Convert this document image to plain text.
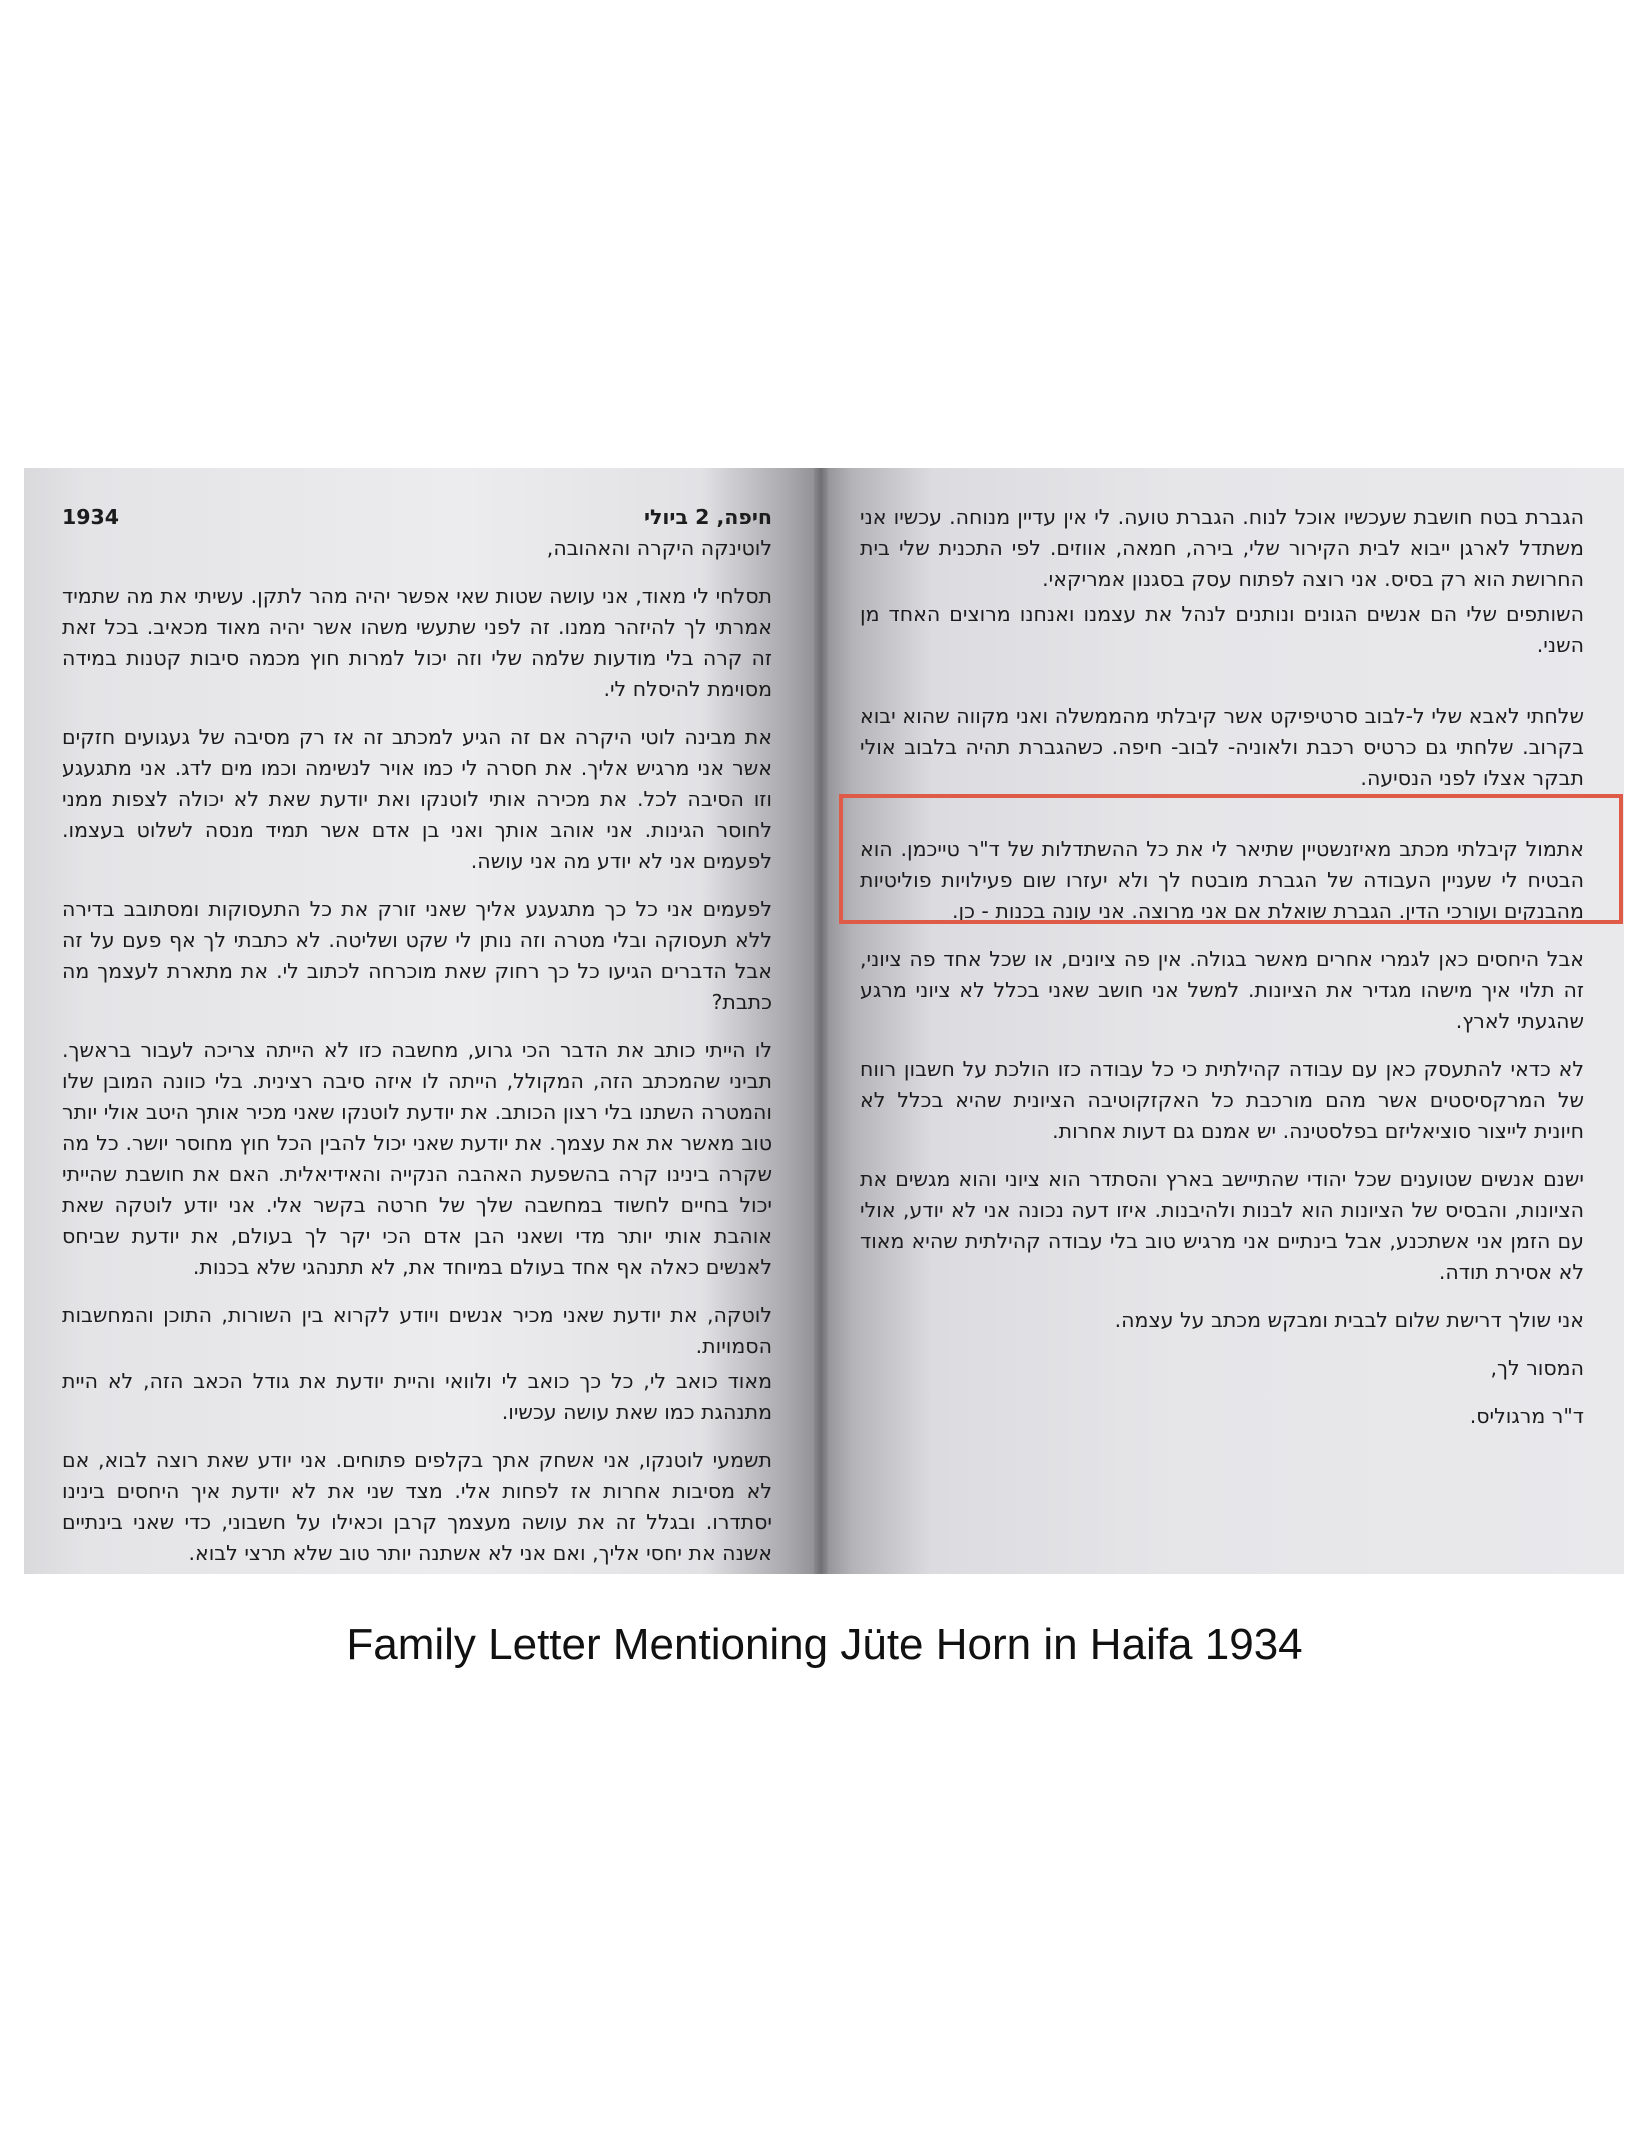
חיפה, 2 ביולי
1934

לוטינקה היקרה והאהובה,

תסלחי לי מאוד, אני עושה שטות שאי אפשר יהיה מהר לתקן. עשיתי את מה שתמיד אמרתי לך להיזהר ממנו. זה לפני שתעשי משהו אשר יהיה מאוד מכאיב. בכל זאת זה קרה בלי מודעות שלמה שלי וזה יכול למרות חוץ מכמה סיבות קטנות במידה מסוימת להיסלח לי.

את מבינה לוטי היקרה אם זה הגיע למכתב זה אז רק מסיבה של געגועים חזקים אשר אני מרגיש אליך. את חסרה לי כמו אויר לנשימה וכמו מים לדג. אני מתגעגע וזו הסיבה לכל. את מכירה אותי לוטנקו ואת יודעת שאת לא יכולה לצפות ממני לחוסר הגינות. אני אוהב אותך ואני בן אדם אשר תמיד מנסה לשלוט בעצמו. לפעמים אני לא יודע מה אני עושה.

לפעמים אני כל כך מתגעגע אליך שאני זורק את כל התעסוקות ומסתובב בדירה ללא תעסוקה ובלי מטרה וזה נותן לי שקט ושליטה. לא כתבתי לך אף פעם על זה אבל הדברים הגיעו כל כך רחוק שאת מוכרחה לכתוב לי. את מתארת לעצמך מה כתבת?

לו הייתי כותב את הדבר הכי גרוע, מחשבה כזו לא הייתה צריכה לעבור בראשך. תביני שהמכתב הזה, המקולל, הייתה לו איזה סיבה רצינית. בלי כוונה המובן שלו והמטרה השתנו בלי רצון הכותב. את יודעת לוטנקו שאני מכיר אותך היטב אולי יותר טוב מאשר את את עצמך. את יודעת שאני יכול להבין הכל חוץ מחוסר יושר. כל מה שקרה בינינו קרה בהשפעת האהבה הנקייה והאידיאלית. האם את חושבת שהייתי יכול בחיים לחשוד במחשבה שלך של חרטה בקשר אלי. אני יודע לוטקה שאת אוהבת אותי יותר מדי ושאני הבן אדם הכי יקר לך בעולם, את יודעת שביחס לאנשים כאלה אף אחד בעולם במיוחד את, לא תתנהגי שלא בכנות.

לוטקה, את יודעת שאני מכיר אנשים ויודע לקרוא בין השורות, התוכן והמחשבות הסמויות.

מאוד כואב לי, כל כך כואב לי ולוואי והיית יודעת את גודל הכאב הזה, לא היית מתנהגת כמו שאת עושה עכשיו.

תשמעי לוטנקו, אני אשחק אתך בקלפים פתוחים. אני יודע שאת רוצה לבוא, אם לא מסיבות אחרות אז לפחות אלי. מצד שני את לא יודעת איך היחסים בינינו יסתדרו. ובגלל זה את עושה מעצמך קרבן וכאילו על חשבוני, כדי שאני בינתיים אשנה את יחסי אליך, ואם אני לא אשתנה יותר טוב שלא תרצי לבוא.

הגברת בטח חושבת שעכשיו אוכל לנוח. הגברת טועה. לי אין עדיין מנוחה. עכשיו אני משתדל לארגן ייבוא לבית הקירור שלי, בירה, חמאה, אווזים. לפי התכנית שלי בית החרושת הוא רק בסיס. אני רוצה לפתוח עסק בסגנון אמריקאי.

השותפים שלי הם אנשים הגונים ונותנים לנהל את עצמנו ואנחנו מרוצים האחד מן השני.

שלחתי לאבא שלי ל-לבוב סרטיפיקט אשר קיבלתי מהממשלה ואני מקווה שהוא יבוא בקרוב. שלחתי גם כרטיס רכבת ולאוניה- לבוב- חיפה. כשהגברת תהיה בלבוב אולי תבקר אצלו לפני הנסיעה.

אתמול קיבלתי מכתב מאיזנשטיין שתיאר לי את כל ההשתדלות של ד"ר טייכמן. הוא הבטיח לי שעניין העבודה של הגברת מובטח לך ולא יעזרו שום פעילויות פוליטיות מהבנקים ועורכי הדין. הגברת שואלת אם אני מרוצה. אני עונה בכנות - כן.

אבל היחסים כאן לגמרי אחרים מאשר בגולה. אין פה ציונים, או שכל אחד פה ציוני, זה תלוי איך מישהו מגדיר את הציונות. למשל אני חושב שאני בכלל לא ציוני מרגע שהגעתי לארץ.

לא כדאי להתעסק כאן עם עבודה קהילתית כי כל עבודה כזו הולכת על חשבון רווח של המרקסיסטים אשר מהם מורכבת כל האקזקוטיבה הציונית שהיא בכלל לא חיונית לייצור סוציאליזם בפלסטינה. יש אמנם גם דעות אחרות.

ישנם אנשים שטוענים שכל יהודי שהתיישב בארץ והסתדר הוא ציוני והוא מגשים את הציונות, והבסיס של הציונות הוא לבנות ולהיבנות. איזו דעה נכונה אני לא יודע, אולי עם הזמן אני אשתכנע, אבל בינתיים אני מרגיש טוב בלי עבודה קהילתית שהיא מאוד לא אסירת תודה.

אני שולך דרישת שלום לבבית ומבקש מכתב על עצמה.

המסור לך,

ד"ר מרגוליס.

Family Letter Mentioning Jüte Horn in Haifa 1934
